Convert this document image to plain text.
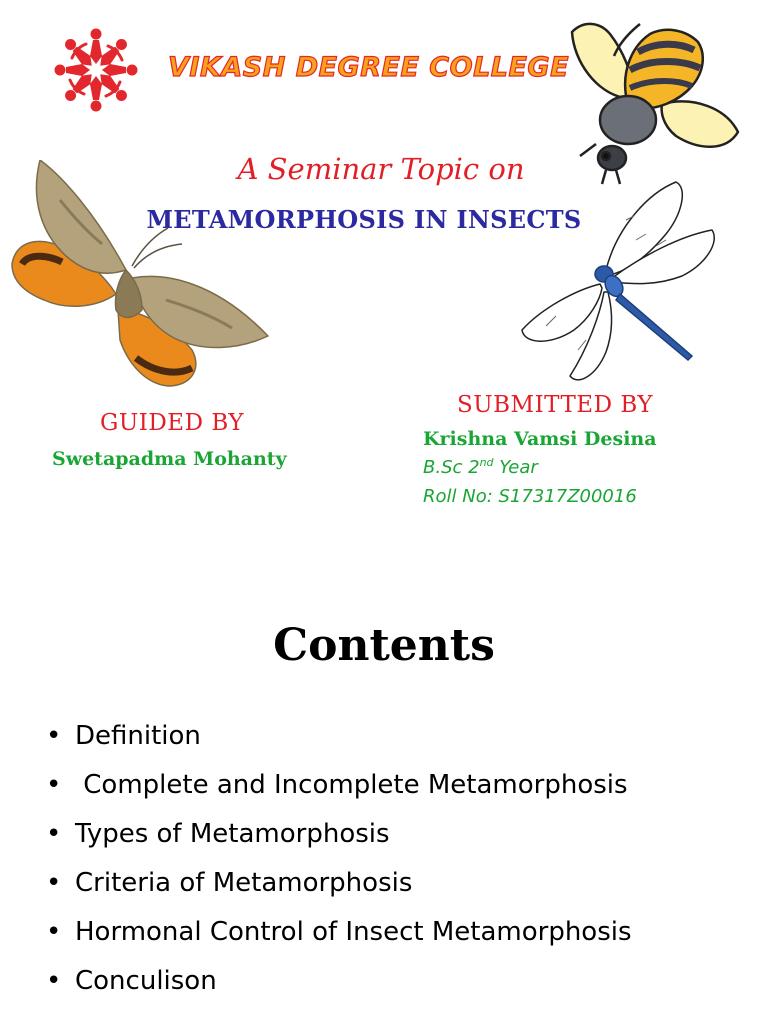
VIKASH DEGREE COLLEGE
A Seminar Topic on
METAMORPHOSIS IN INSECTS
GUIDED BY
Swetapadma Mohanty
SUBMITTED BY
Krishna Vamsi Desina
B.Sc 2nd Year
Roll No: S17317Z00016
Contents
• Definition
• Complete and Incomplete Metamorphosis
• Types of Metamorphosis
• Criteria of Metamorphosis
• Hormonal Control of Insect Metamorphosis
• Conculison
